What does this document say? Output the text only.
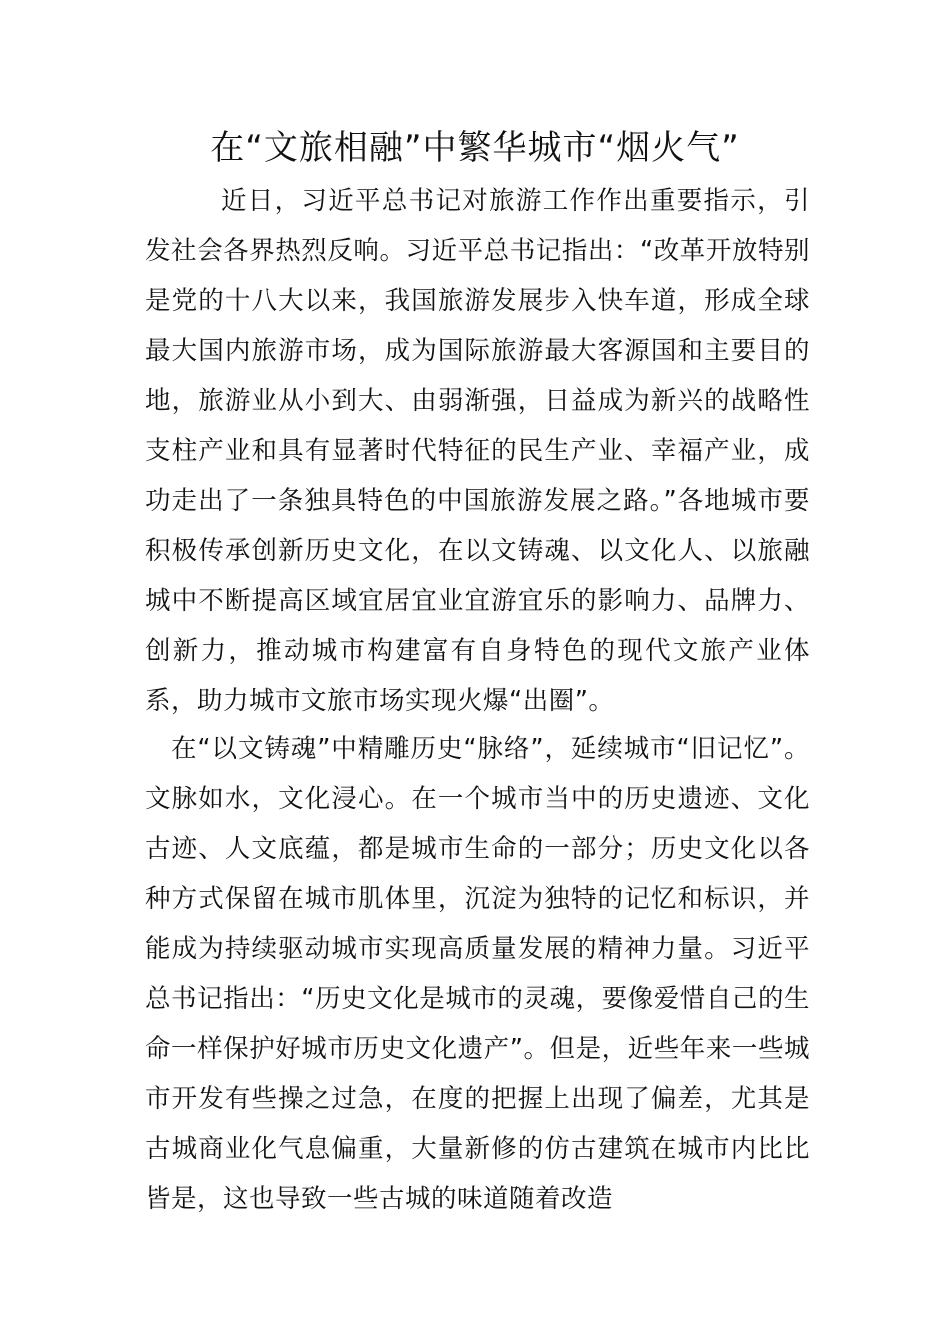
在“文旅相融”中繁华城市“烟火气”

近日，习近平总书记对旅游工作作出重要指示，引发社会各界热烈反响。习近平总书记指出：“改革开放特别是党的十八大以来，我国旅游发展步入快车道，形成全球最大国内旅游市场，成为国际旅游最大客源国和主要目的地，旅游业从小到大、由弱渐强，日益成为新兴的战略性支柱产业和具有显著时代特征的民生产业、幸福产业，成功走出了一条独具特色的中国旅游发展之路。”各地城市要积极传承创新历史文化，在以文铸魂、以文化人、以旅融城中不断提高区域宜居宜业宜游宜乐的影响力、品牌力、创新力，推动城市构建富有自身特色的现代文旅产业体系，助力城市文旅市场实现火爆“出圈”。

在“以文铸魂”中精雕历史“脉络”，延续城市“旧记忆”。文脉如水，文化浸心。在一个城市当中的历史遗迹、文化古迹、人文底蕴，都是城市生命的一部分；历史文化以各种方式保留在城市肌体里，沉淀为独特的记忆和标识，并能成为持续驱动城市实现高质量发展的精神力量。习近平总书记指出：“历史文化是城市的灵魂，要像爱惜自己的生命一样保护好城市历史文化遗产”。但是，近些年来一些城市开发有些操之过急，在度的把握上出现了偏差，尤其是古城商业化气息偏重，大量新修的仿古建筑在城市内比比皆是，这也导致一些古城的味道随着改造
